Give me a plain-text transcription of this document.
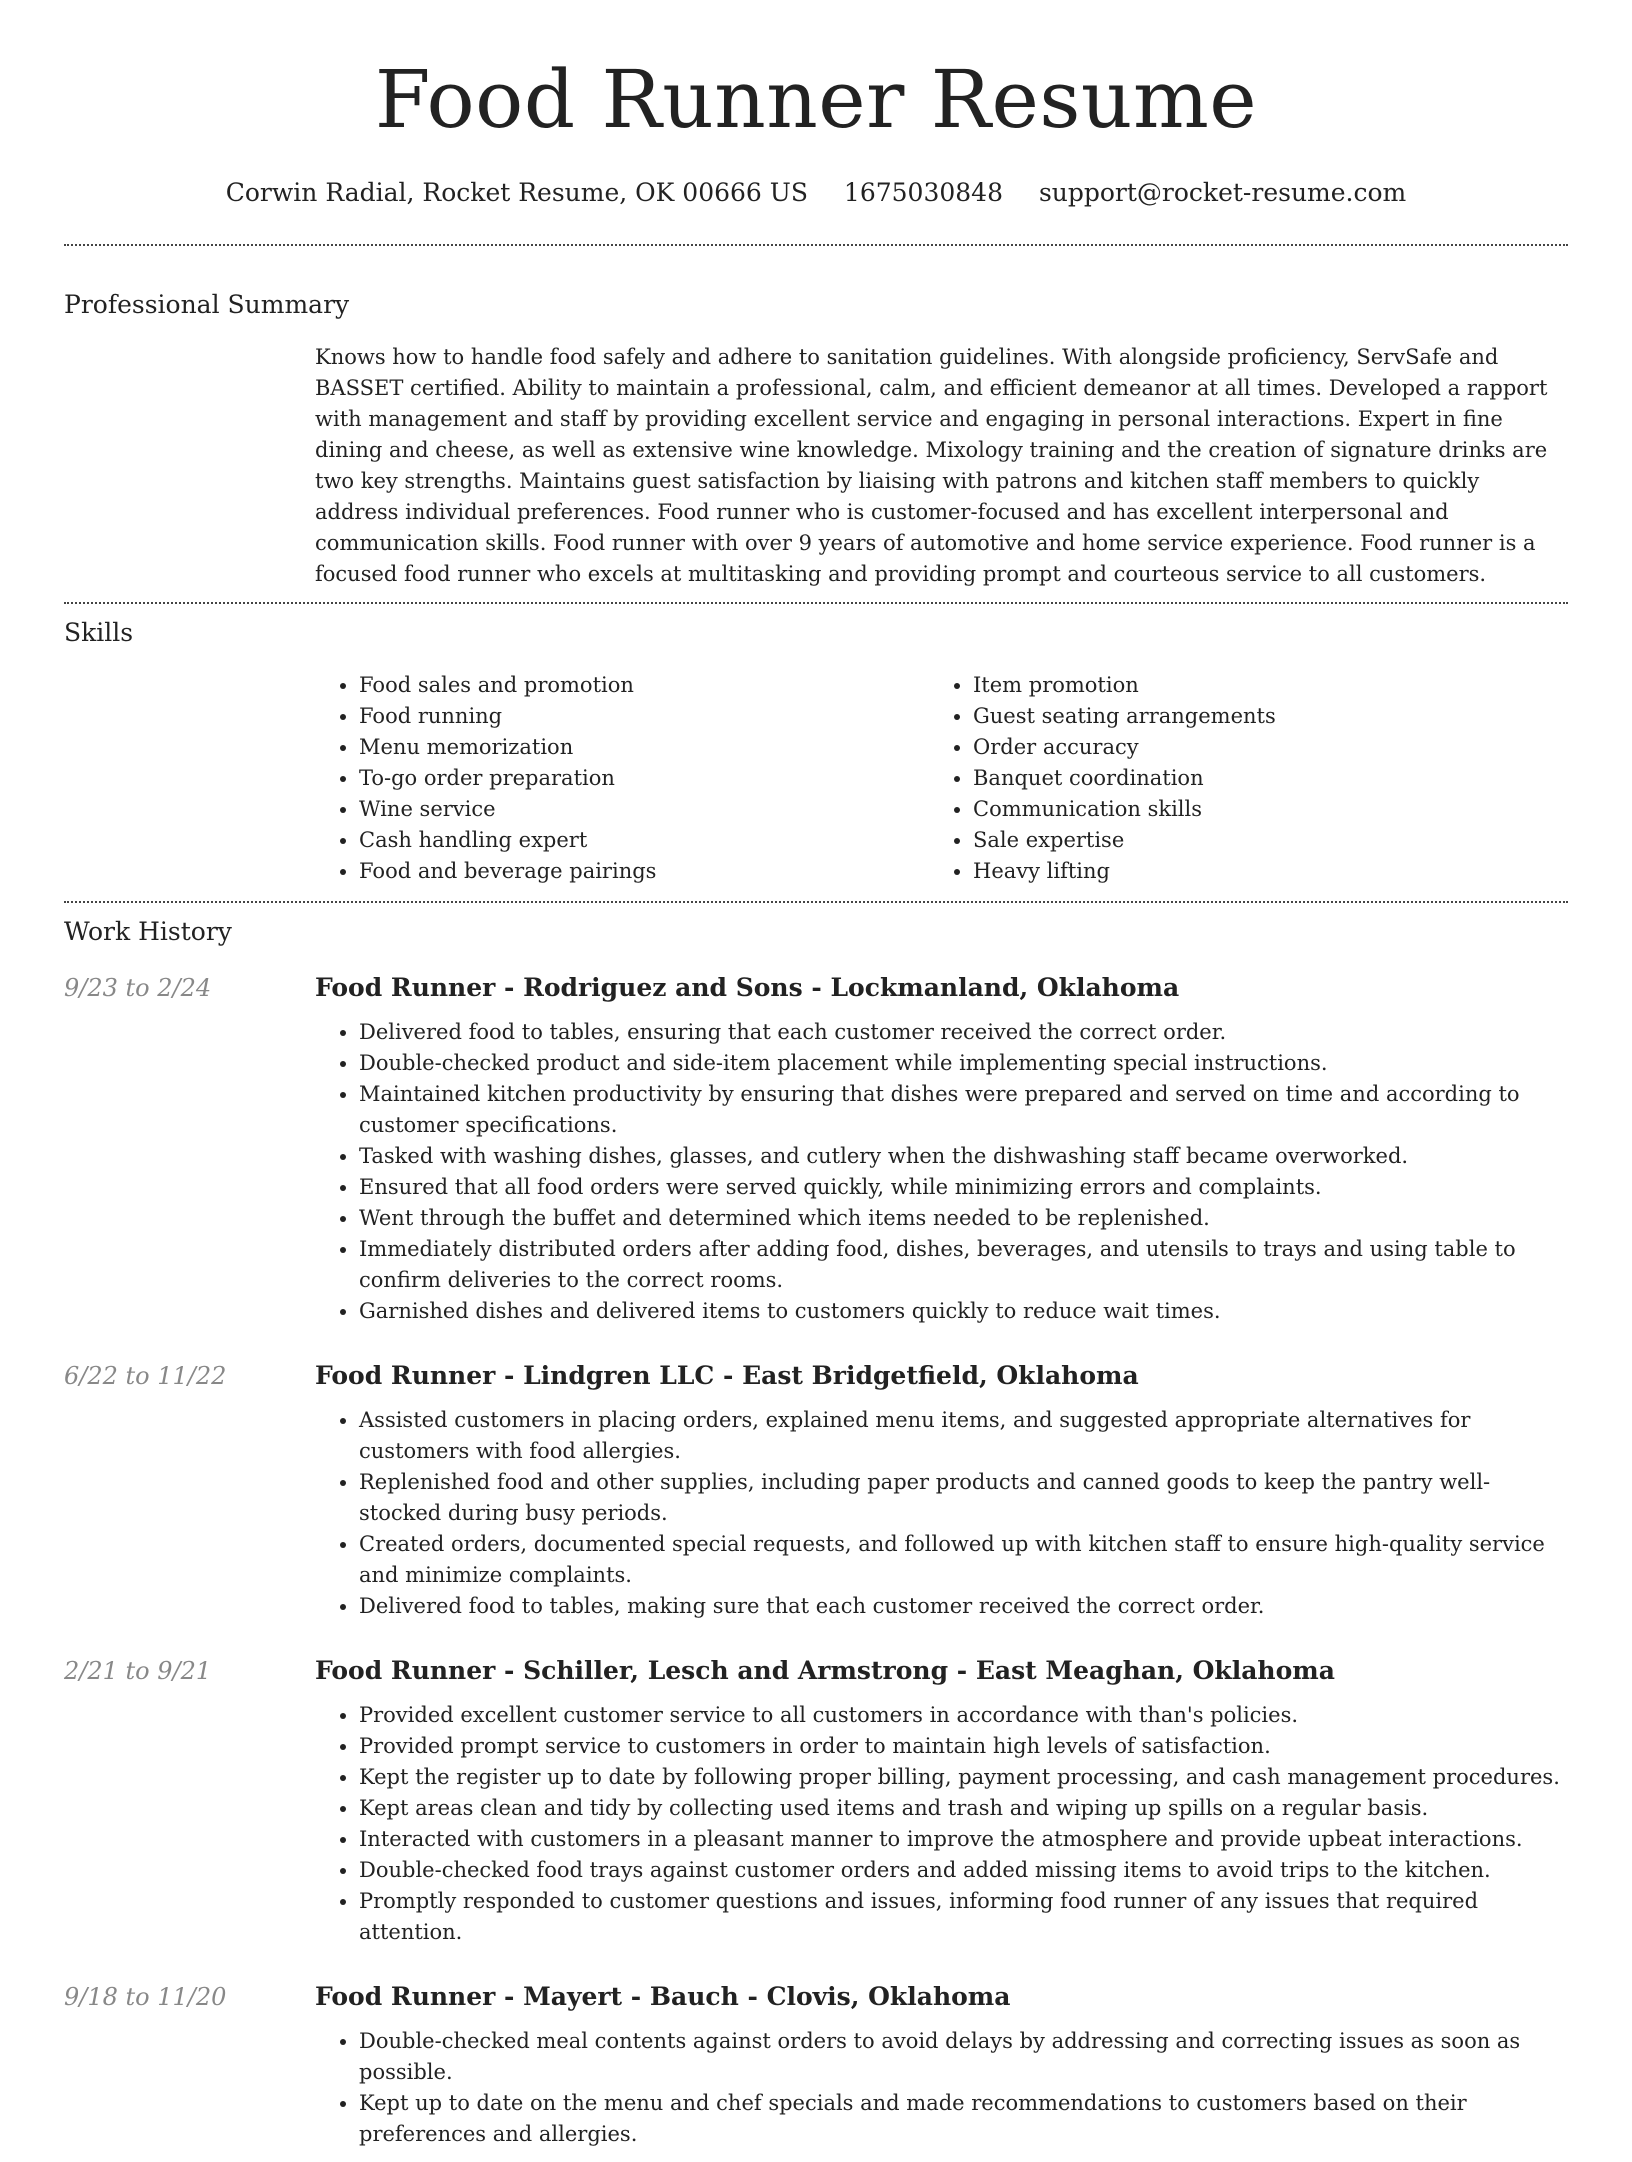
Food Runner Resume
Corwin Radial, Rocket Resume, OK 00666 US 1675030848 support@rocket-resume.com
Professional Summary
Knows how to handle food safely and adhere to sanitation guidelines. With alongside proficiency, ServSafe and BASSET certified. Ability to maintain a professional, calm, and efficient demeanor at all times. Developed a rapport with management and staff by providing excellent service and engaging in personal interactions. Expert in fine dining and cheese, as well as extensive wine knowledge. Mixology training and the creation of signature drinks are two key strengths. Maintains guest satisfaction by liaising with patrons and kitchen staff members to quickly address individual preferences. Food runner who is customer-focused and has excellent interpersonal and communication skills. Food runner with over 9 years of automotive and home service experience. Food runner is a focused food runner who excels at multitasking and providing prompt and courteous service to all customers.
Skills
• Food sales and promotion
• Food running
• Menu memorization
• To-go order preparation
• Wine service
• Cash handling expert
• Food and beverage pairings
• Item promotion
• Guest seating arrangements
• Order accuracy
• Banquet coordination
• Communication skills
• Sale expertise
• Heavy lifting
Work History
9/23 to 2/24	Food Runner - Rodriguez and Sons - Lockmanland, Oklahoma
• Delivered food to tables, ensuring that each customer received the correct order.
• Double-checked product and side-item placement while implementing special instructions.
• Maintained kitchen productivity by ensuring that dishes were prepared and served on time and according to customer specifications.
• Tasked with washing dishes, glasses, and cutlery when the dishwashing staff became overworked.
• Ensured that all food orders were served quickly, while minimizing errors and complaints.
• Went through the buffet and determined which items needed to be replenished.
• Immediately distributed orders after adding food, dishes, beverages, and utensils to trays and using table to confirm deliveries to the correct rooms.
• Garnished dishes and delivered items to customers quickly to reduce wait times.
6/22 to 11/22	Food Runner - Lindgren LLC - East Bridgetfield, Oklahoma
• Assisted customers in placing orders, explained menu items, and suggested appropriate alternatives for customers with food allergies.
• Replenished food and other supplies, including paper products and canned goods to keep the pantry well-stocked during busy periods.
• Created orders, documented special requests, and followed up with kitchen staff to ensure high-quality service and minimize complaints.
• Delivered food to tables, making sure that each customer received the correct order.
2/21 to 9/21	Food Runner - Schiller, Lesch and Armstrong - East Meaghan, Oklahoma
• Provided excellent customer service to all customers in accordance with than's policies.
• Provided prompt service to customers in order to maintain high levels of satisfaction.
• Kept the register up to date by following proper billing, payment processing, and cash management procedures.
• Kept areas clean and tidy by collecting used items and trash and wiping up spills on a regular basis.
• Interacted with customers in a pleasant manner to improve the atmosphere and provide upbeat interactions.
• Double-checked food trays against customer orders and added missing items to avoid trips to the kitchen.
• Promptly responded to customer questions and issues, informing food runner of any issues that required attention.
9/18 to 11/20	Food Runner - Mayert - Bauch - Clovis, Oklahoma
• Double-checked meal contents against orders to avoid delays by addressing and correcting issues as soon as possible.
• Kept up to date on the menu and chef specials and made recommendations to customers based on their preferences and allergies.
